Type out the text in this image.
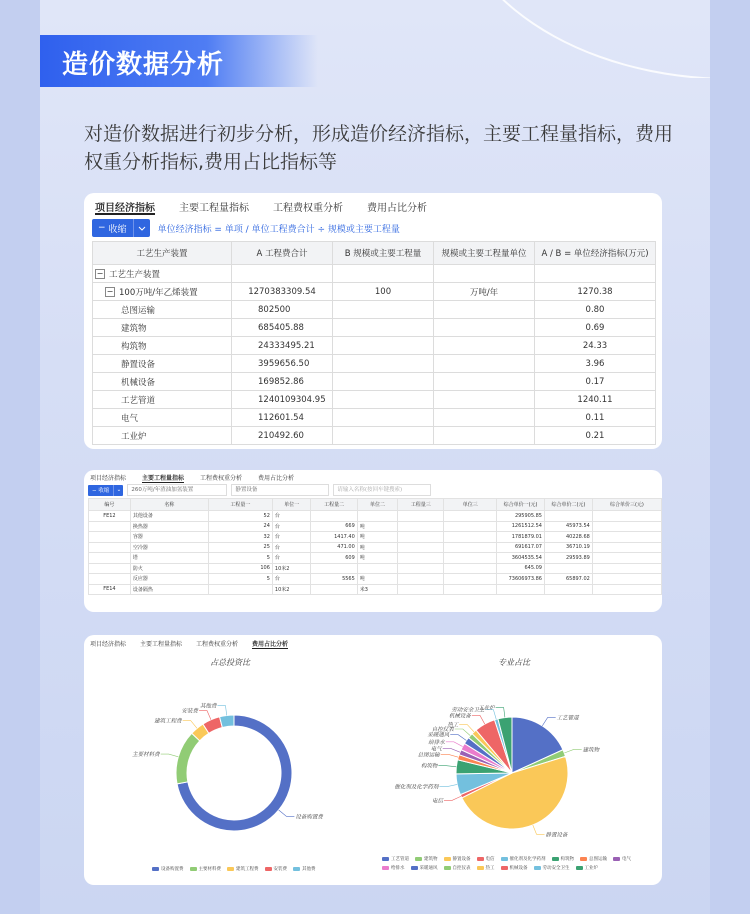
造价数据分析
对造价数据进行初步分析，形成造价经济指标，主要工程量指标，费用权重分析指标,费用占比指标等
项目经济指标 主要工程量指标 工程费权重分析 费用占比分析
− 收缩	单位经济指标 = 单项 / 单位工程费合计 ÷ 规模或主要工程量
工艺生产装置	A 工程费合计	B 规模或主要工程量	规模或主要工程量单位	A / B = 单位经济指标(万元)
− 工艺生产装置				
− 100万吨/年乙烯装置	1270383309.54	100	万吨/年	1270.38
总图运输	802500			0.80
建筑物	685405.88			0.69
构筑物	24333495.21			24.33
静置设备	3959656.50			3.96
机械设备	169852.86			0.17
工艺管道	1240109304.95			1240.11
电气	112601.54			0.11
工业炉	210492.60			0.21
项目经济指标	主要工程量指标	工程费权重分析	费用占比分析
− 收缩	⌄	260万吨/年渣油加氢装置	静置设备	请输入名称(按回车键搜索)
编号	名称	工程量一	单位一	工程量二	单位二	工程量三	单位三	综合单价一(元)	综合单价二(元)	综合单价三(元)
FE12	其他设备	52	台					295905.85		
	换热器	24	台	669	吨			1261512.54	45973.54	
	容器	32	台	1417.40	吨			1781879.01	40228.68	
	空冷器	25	台	471.00	吨			691617.07	36710.19	
	塔	5	台	609	吨			3604535.54	29593.89	
	防火	106	10米2					645.09		
	反应器	5	台	5565	吨			73606973.86	65897.02	
FE14	设备隔热		10米2		米3					
项目经济指标 主要工程量指标 工程费权重分析 费用占比分析
占总投资比	专业占比
设备购置费
主要材料费
建筑工程费
安装费
其他费
工艺管道
建筑物
静置设备
电信
催化剂及化学药剂
构筑物
总图运输
电气
给排水
采暖通风
自控仪表
热工
机械设备
劳动安全卫生
工业炉
设备购置费	主要材料费	建筑工程费	安装费	其他费
工艺管道	建筑物	静置设备	电信	催化剂及化学药剂	构筑物	总图运输	电气
给排水	采暖通风	自控仪表	热工	机械设备	劳动安全卫生	工业炉
